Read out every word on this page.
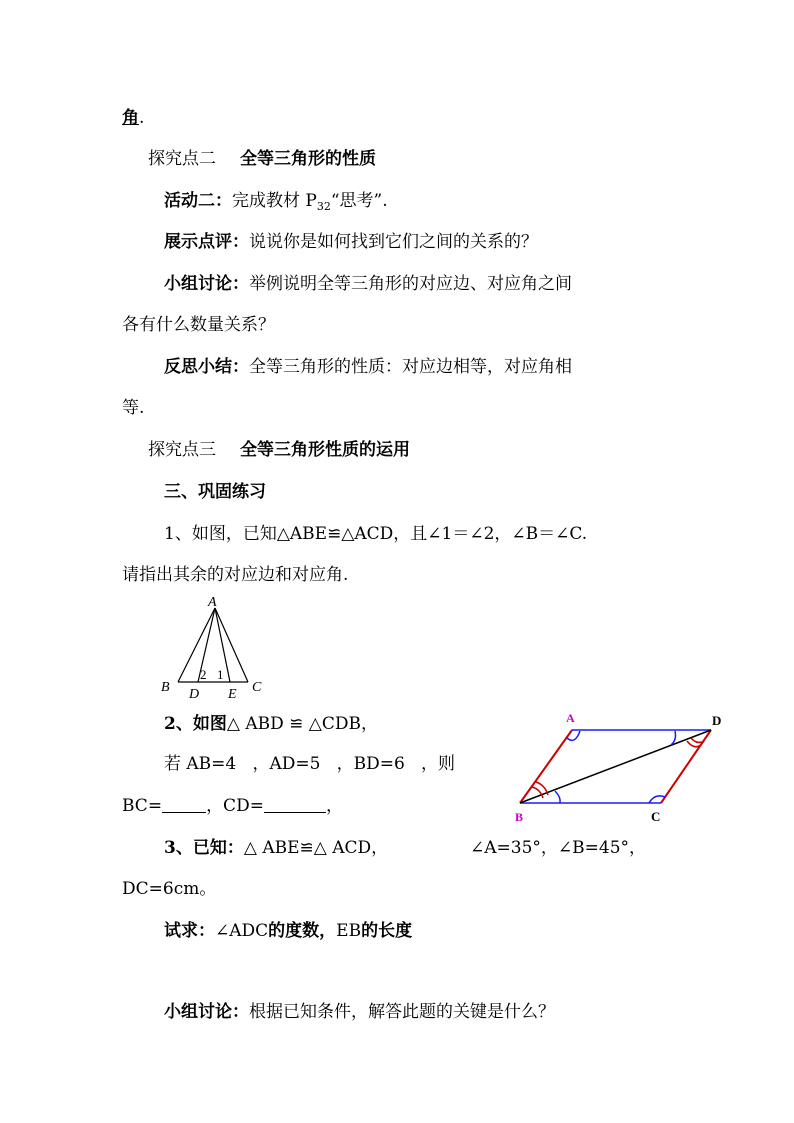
角.
探究点二 全等三角形的性质
活动二：完成教材 $P_{32}“$思考”.
展示点评：说说你是如何找到它们之间的关系的？
小组讨论：举例说明全等三角形的对应边、对应角之间
各有什么数量关系？
反思小结：全等三角形的性质：对应边相等，对应角相
等.
探究点三 全等三角形性质的运用
三、巩固练习
1、如图，已知△ABE≌△ACD，且∠1＝∠2，∠B＝∠C.
请指出其余的对应边和对应角.
A
B	C
D E
2 1
2、如图△ ABD ≌ △CDB，
若 AB=4   ，AD=5   ，BD=6   ，则
BC=	，CD=	，
A	D
B	C
3、已知：△ ABE≌△ ACD，	∠A=35°，∠B=45°，
DC=6cm。
试求：∠ADC的度数，EB的长度
小组讨论：根据已知条件，解答此题的关键是什么？
